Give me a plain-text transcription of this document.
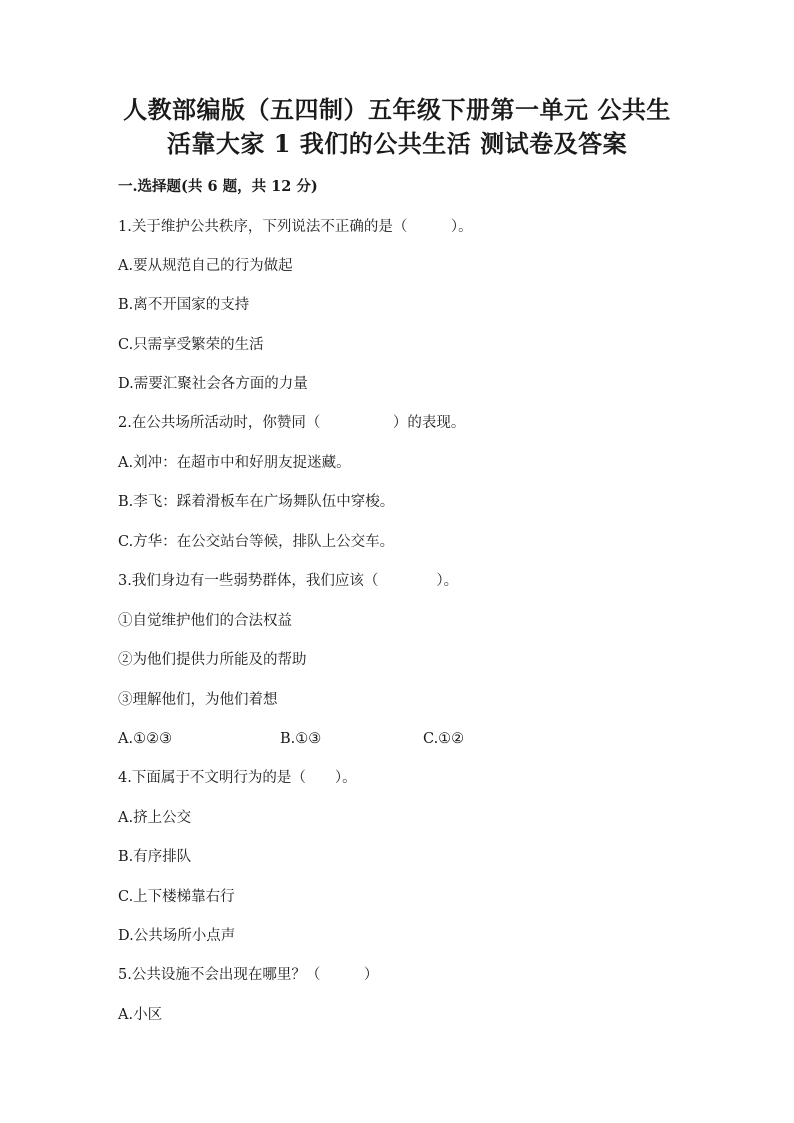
人教部编版（五四制）五年级下册第一单元 公共生
活靠大家 1 我们的公共生活 测试卷及答案
一.选择题(共 6 题，共 12 分)
1.关于维护公共秩序，下列说法不正确的是（　　　）。
A.要从规范自己的行为做起
B.离不开国家的支持
C.只需享受繁荣的生活
D.需要汇聚社会各方面的力量
2.在公共场所活动时，你赞同（　　　　　）的表现。
A.刘冲：在超市中和好朋友捉迷藏。
B.李飞：踩着滑板车在广场舞队伍中穿梭。
C.方华：在公交站台等候，排队上公交车。
3.我们身边有一些弱势群体，我们应该（　　　　）。
①自觉维护他们的合法权益
②为他们提供力所能及的帮助
③理解他们，为他们着想

A.①②③

	B.①③

	C.①②

4.下面属于不文明行为的是（　　）。
A.挤上公交
B.有序排队
C.上下楼梯靠右行
D.公共场所小点声
5.公共设施不会出现在哪里？（　　　）
A.小区
